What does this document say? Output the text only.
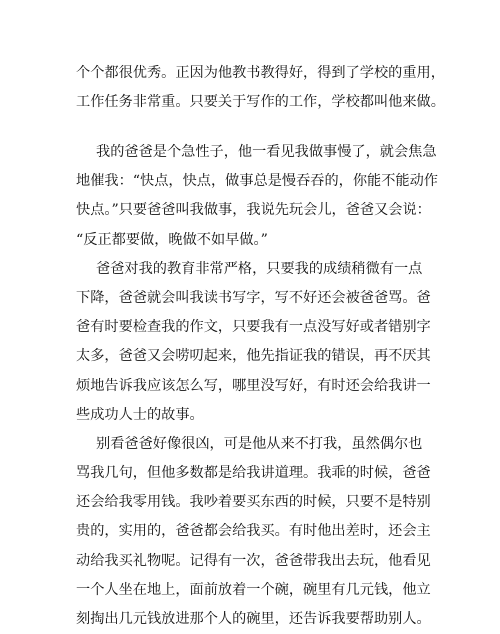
个个都很优秀。正因为他教书教得好，得到了学校的重用，
工作任务非常重。只要关于写作的工作，学校都叫他来做。
我的爸爸是个急性子，他一看见我做事慢了，就会焦急
地催我：“快点，快点，做事总是慢吞吞的，你能不能动作
快点。”只要爸爸叫我做事，我说先玩会儿，爸爸又会说：
“反正都要做，晚做不如早做。”
爸爸对我的教育非常严格，只要我的成绩稍微有一点
下降，爸爸就会叫我读书写字，写不好还会被爸爸骂。爸
爸有时要检查我的作文，只要我有一点没写好或者错别字
太多，爸爸又会唠叨起来，他先指证我的错误，再不厌其
烦地告诉我应该怎么写，哪里没写好，有时还会给我讲一
些成功人士的故事。
别看爸爸好像很凶，可是他从来不打我，虽然偶尔也
骂我几句，但他多数都是给我讲道理。我乖的时候，爸爸
还会给我零用钱。我吵着要买东西的时候，只要不是特别
贵的，实用的，爸爸都会给我买。有时他出差时，还会主
动给我买礼物呢。记得有一次，爸爸带我出去玩，他看见
一个人坐在地上，面前放着一个碗，碗里有几元钱，他立
刻掏出几元钱放进那个人的碗里，还告诉我要帮助别人。
